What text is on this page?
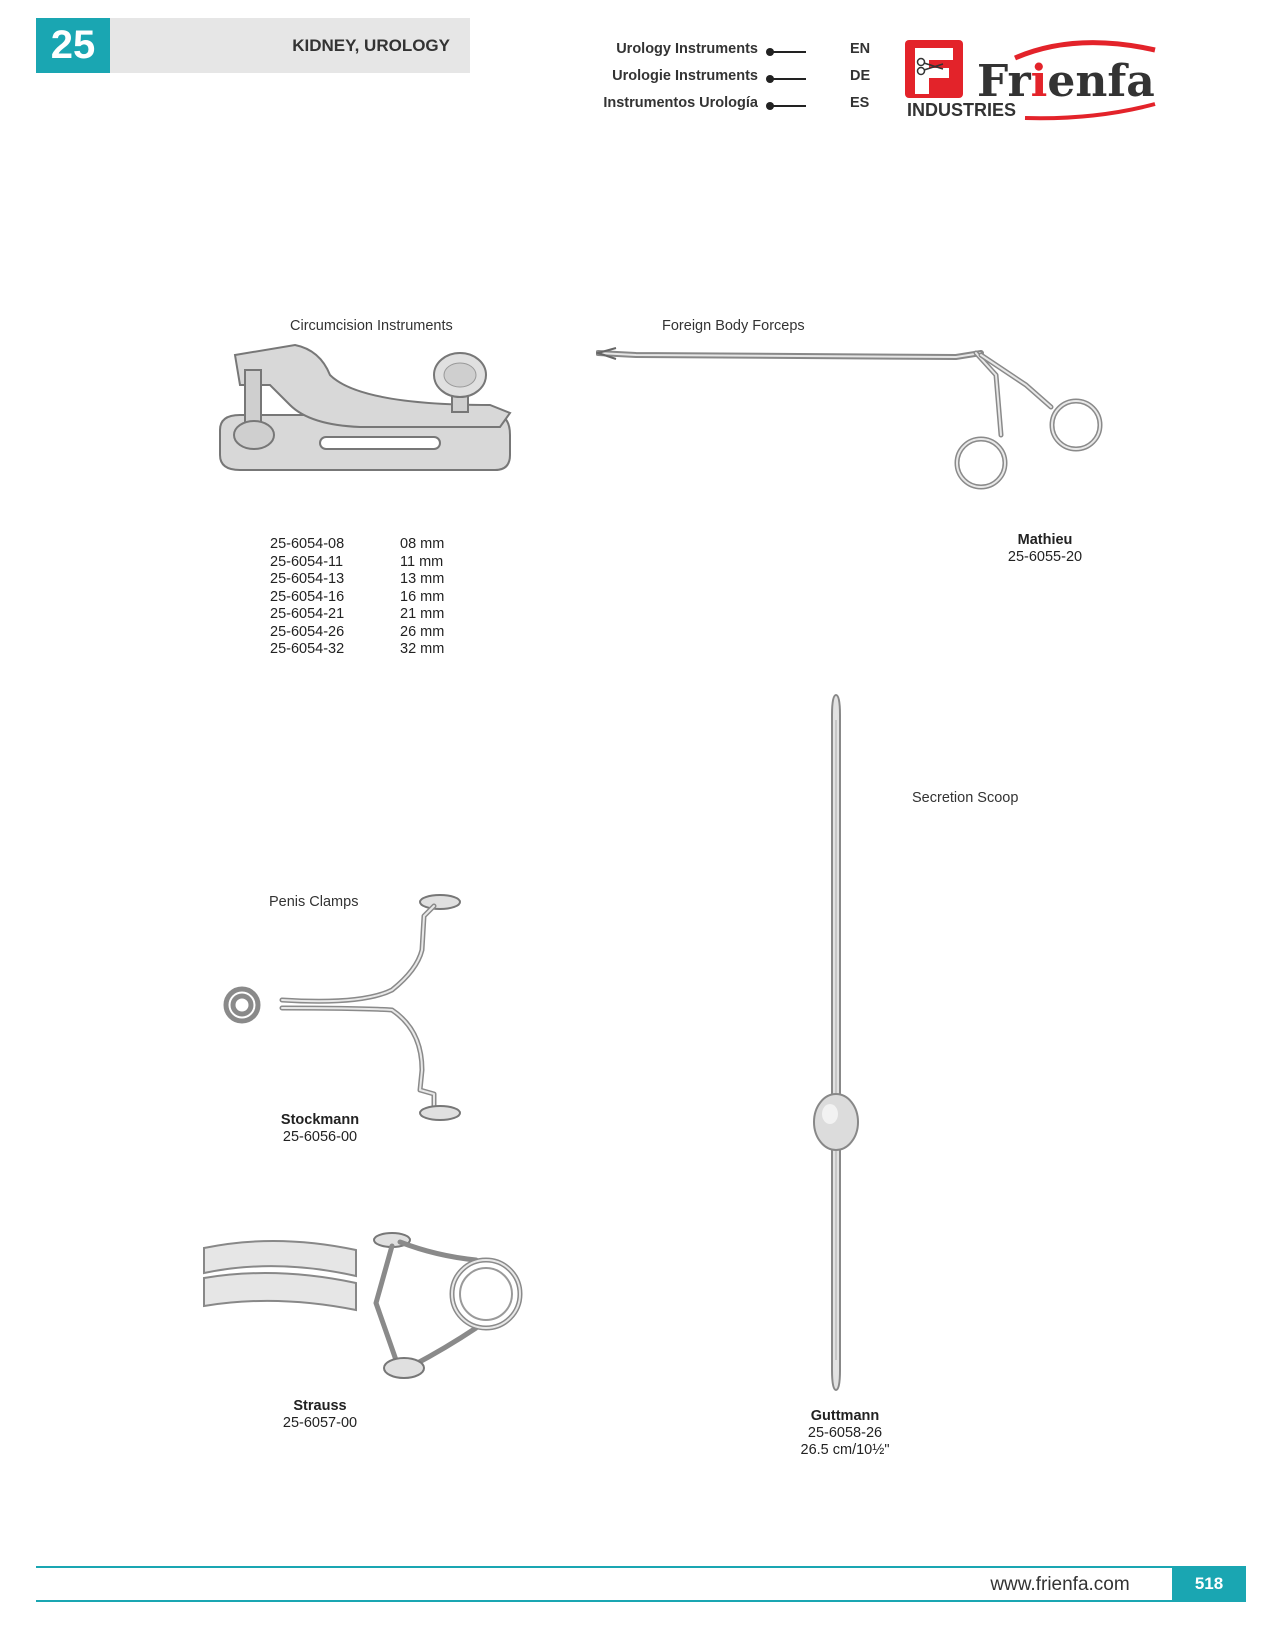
25	KIDNEY, UROLOGY	Urology Instruments	EN
Urologie Instruments	DE
Instrumentos Urología	ES Frienfa
INDUSTRIES
Circumcision Instruments
25-6054-08	08 mm
25-6054-11	11 mm
25-6054-13	13 mm
25-6054-16	16 mm
25-6054-21	21 mm
25-6054-26	26 mm
25-6054-32	32 mm
Foreign Body Forceps
Mathieu
25-6055-20
Secretion Scoop
Guttmann
25-6058-26
26.5 cm/10½"
Penis Clamps
Stockmann
25-6056-00
Strauss
25-6057-00
www.frienfa.com	518
